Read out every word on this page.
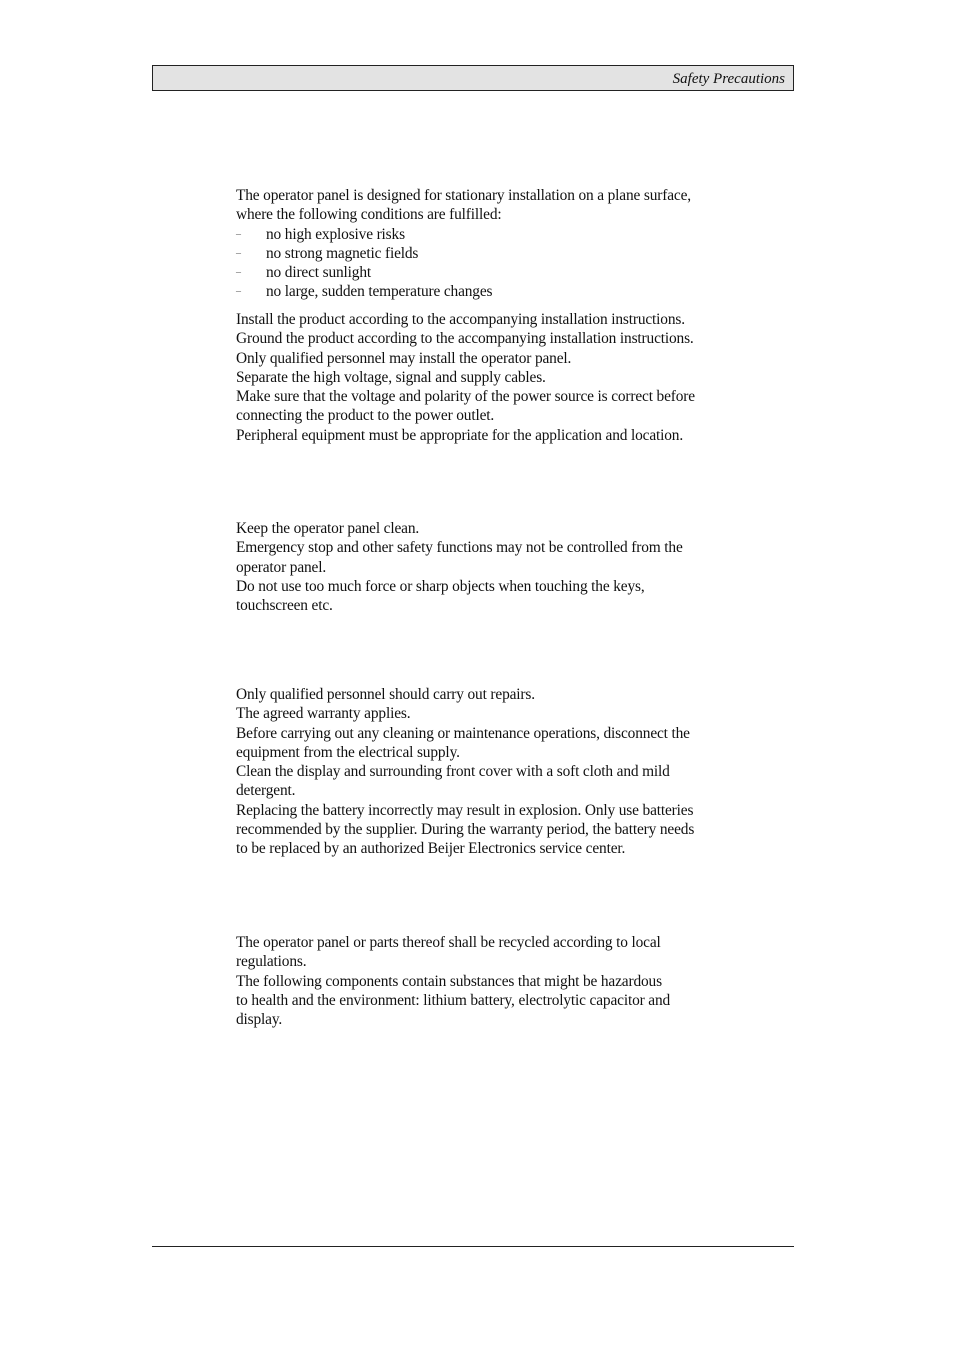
Safety Precautions
The operator panel is designed for stationary installation on a plane surface,
where the following conditions are fulfilled:
– no high explosive risks
– no strong magnetic fields
– no direct sunlight
– no large, sudden temperature changes
Install the product according to the accompanying installation instructions.
Ground the product according to the accompanying installation instructions.
Only qualified personnel may install the operator panel.
Separate the high voltage, signal and supply cables.
Make sure that the voltage and polarity of the power source is correct before
connecting the product to the power outlet.
Peripheral equipment must be appropriate for the application and location.
Keep the operator panel clean.
Emergency stop and other safety functions may not be controlled from the
operator panel.
Do not use too much force or sharp objects when touching the keys,
touchscreen etc.
Only qualified personnel should carry out repairs.
The agreed warranty applies.
Before carrying out any cleaning or maintenance operations, disconnect the
equipment from the electrical supply.
Clean the display and surrounding front cover with a soft cloth and mild
detergent.
Replacing the battery incorrectly may result in explosion. Only use batteries
recommended by the supplier. During the warranty period, the battery needs
to be replaced by an authorized Beijer Electronics service center.
The operator panel or parts thereof shall be recycled according to local
regulations.
The following components contain substances that might be hazardous
to health and the environment: lithium battery, electrolytic capacitor and
display.
